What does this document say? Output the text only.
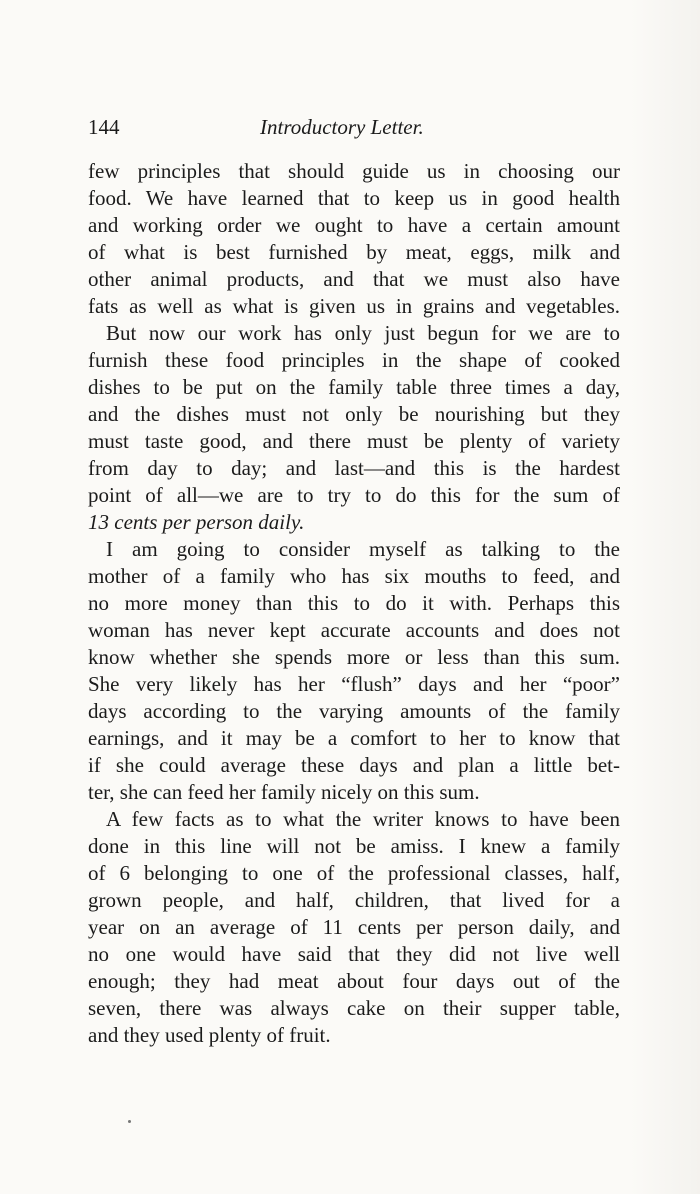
144	Introductory Letter.
few principles that should guide us in choosing our
food. We have learned that to keep us in good health
and working order we ought to have a certain amount
of what is best furnished by meat, eggs, milk and
other animal products, and that we must also have
fats as well as what is given us in grains and vegetables.
But now our work has only just begun for we are to
furnish these food principles in the shape of cooked
dishes to be put on the family table three times a day,
and the dishes must not only be nourishing but they
must taste good, and there must be plenty of variety
from day to day; and last—and this is the hardest
point of all—we are to try to do this for the sum of
13 cents per person daily.
I am going to consider myself as talking to the
mother of a family who has six mouths to feed, and
no more money than this to do it with. Perhaps this
woman has never kept accurate accounts and does not
know whether she spends more or less than this sum.
She very likely has her “flush” days and her “poor”
days according to the varying amounts of the family
earnings, and it may be a comfort to her to know that
if she could average these days and plan a little bet-
ter, she can feed her family nicely on this sum.
A few facts as to what the writer knows to have been
done in this line will not be amiss. I knew a family
of 6 belonging to one of the professional classes, half,
grown people, and half, children, that lived for a
year on an average of 11 cents per person daily, and
no one would have said that they did not live well
enough; they had meat about four days out of the
seven, there was always cake on their supper table,
and they used plenty of fruit.
